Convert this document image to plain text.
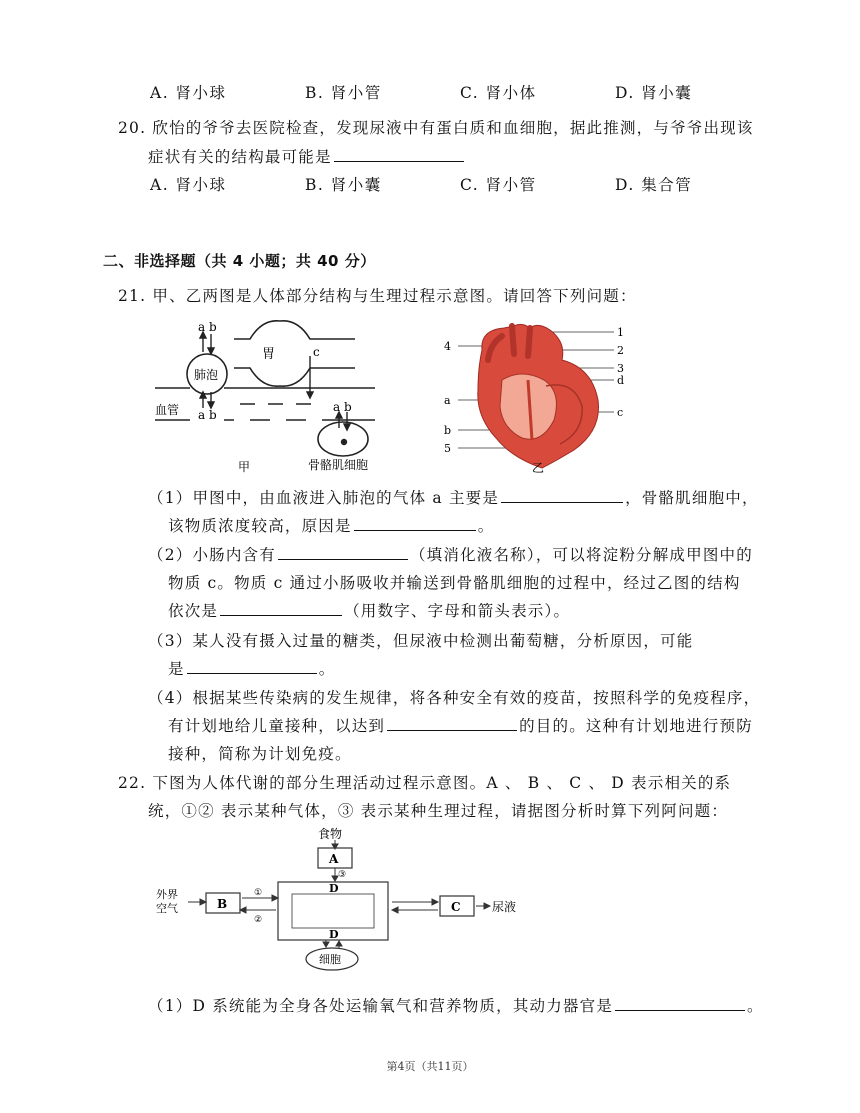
A. 肾小球	B. 肾小管	C. 肾小体	D. 肾小囊
20. 欣怡的爷爷去医院检查，发现尿液中有蛋白质和血细胞，据此推测，与爷爷出现该
症状有关的结构最可能是
A. 肾小球	B. 肾小囊	C. 肾小管	D. 集合管
二、非选择题（共 4 小题；共 40 分）
21. 甲、乙两图是人体部分结构与生理过程示意图。请回答下列问题：
a b
胃
肺泡
c
血管 a b
a b
骨骼肌细胞
甲
4
a
b
5
1
2
3
d
c
乙
（1）甲图中，由血液进入肺泡的气体 a 主要是	，骨骼肌细胞中，
该物质浓度较高，原因是	。
（2）小肠内含有	（填消化液名称），可以将淀粉分解成甲图中的
物质 c。物质 c 通过小肠吸收并输送到骨骼肌细胞的过程中，经过乙图的结构
依次是	（用数字、字母和箭头表示）。
（3）某人没有摄入过量的糖类，但尿液中检测出葡萄糖，分析原因，可能
是	。
（4）根据某些传染病的发生规律，将各种安全有效的疫苗，按照科学的免疫程序，
有计划地给儿童接种，以达到	的目的。这种有计划地进行预防
接种，简称为计划免疫。
22. 下图为人体代谢的部分生理活动过程示意图。A 、 B 、 C 、 D 表示相关的系
统，①② 表示某种气体，③ 表示某种生理过程，请据图分析时算下列阿问题：
食物
A
③
D
外界
空气	B
①
②
C	尿液
D
细胞
（1）D 系统能为全身各处运输氧气和营养物质，其动力器官是	。
第4页（共11页）
